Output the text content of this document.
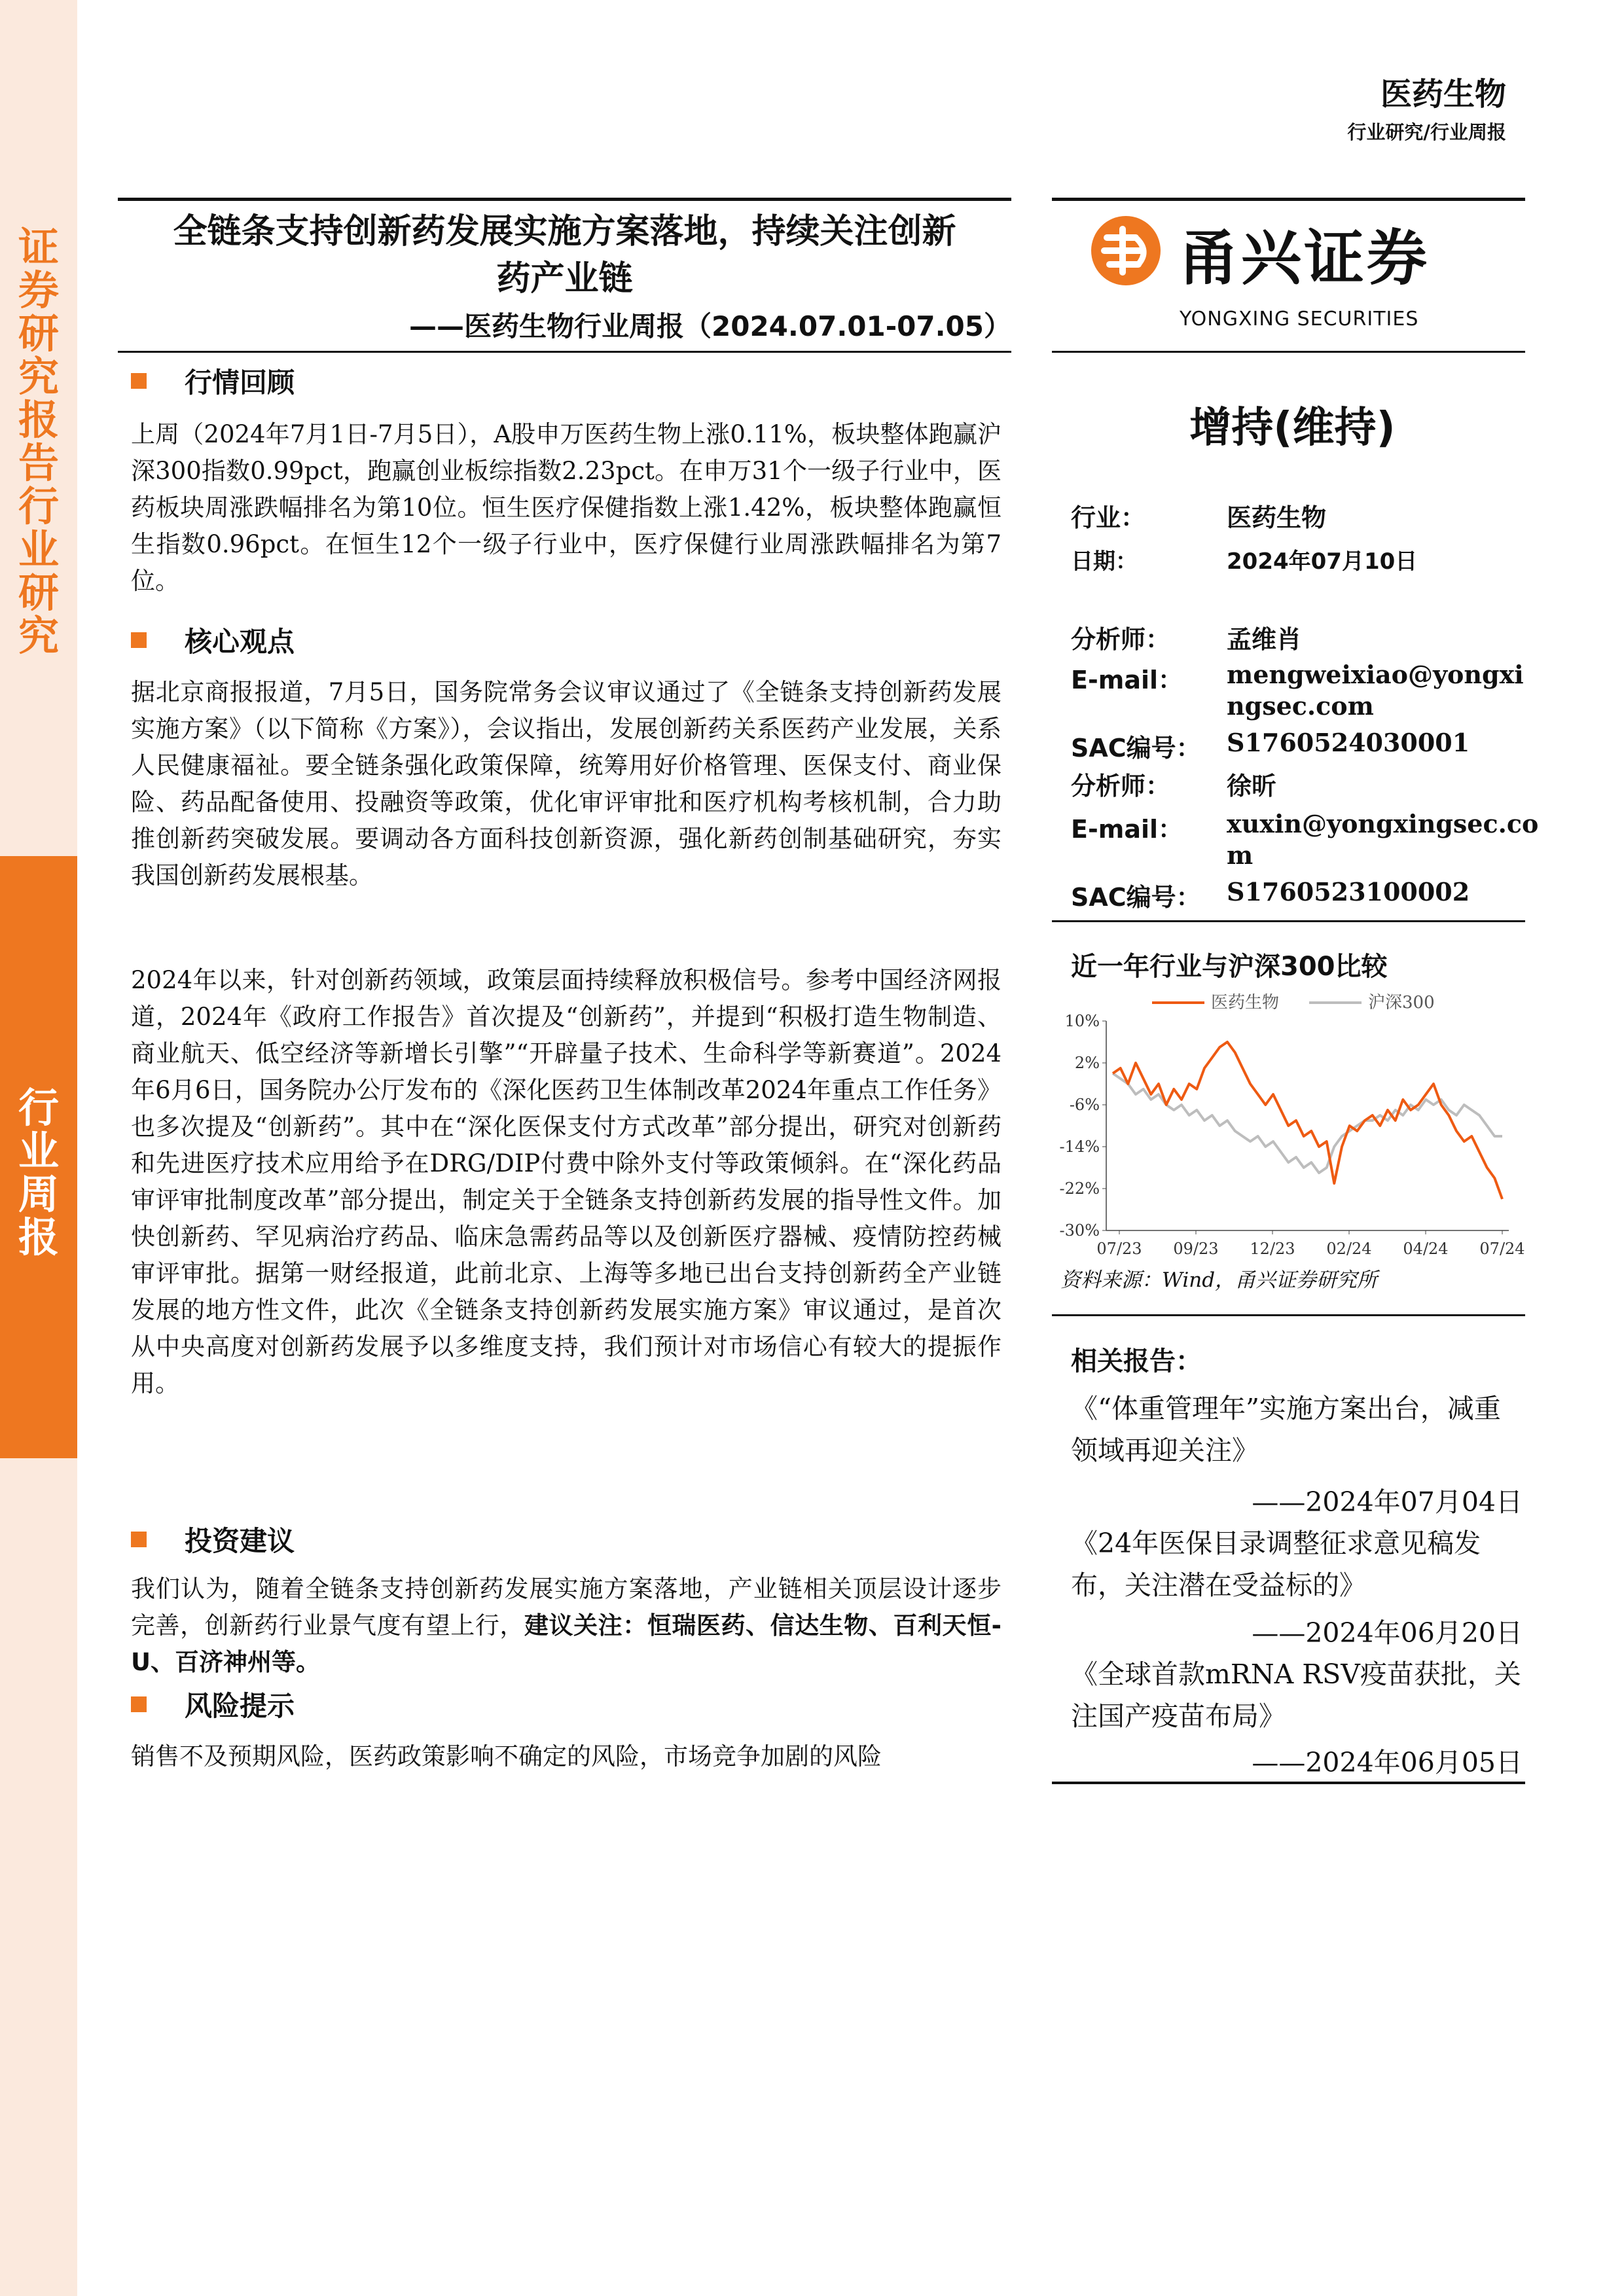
证券研究报告 行业研究
行业周报
医药生物
行业研究/行业周报
全链条支持创新药发展实施方案落地，持续关注创新
药产业链
——医药生物行业周报（2024.07.01-07.05）
行情回顾
上周（2024年7月1日-7月5日），A股申万医药生物上涨0.11%，板块整体跑赢沪深300指数0.99pct，跑赢创业板综指数2.23pct。在申万31个一级子行业中，医药板块周涨跌幅排名为第10位。恒生医疗保健指数上涨1.42%，板块整体跑赢恒生指数0.96pct。在恒生12个一级子行业中，医疗保健行业周涨跌幅排名为第7位。
核心观点
据北京商报报道，7月5日，国务院常务会议审议通过了《全链条支持创新药发展实施方案》（以下简称《方案》），会议指出，发展创新药关系医药产业发展，关系人民健康福祉。要全链条强化政策保障，统筹用好价格管理、医保支付、商业保险、药品配备使用、投融资等政策，优化审评审批和医疗机构考核机制，合力助推创新药突破发展。要调动各方面科技创新资源，强化新药创制基础研究，夯实我国创新药发展根基。
2024年以来，针对创新药领域，政策层面持续释放积极信号。参考中国经济网报道，2024年《政府工作报告》首次提及“创新药”，并提到“积极打造生物制造、商业航天、低空经济等新增长引擎”“开辟量子技术、生命科学等新赛道”。2024年6月6日，国务院办公厅发布的《深化医药卫生体制改革2024年重点工作任务》也多次提及“创新药”。其中在“深化医保支付方式改革”部分提出，研究对创新药和先进医疗技术应用给予在DRG/DIP付费中除外支付等政策倾斜。在“深化药品审评审批制度改革”部分提出，制定关于全链条支持创新药发展的指导性文件。加快创新药、罕见病治疗药品、临床急需药品等以及创新医疗器械、疫情防控药械审评审批。据第一财经报道，此前北京、上海等多地已出台支持创新药全产业链发展的地方性文件，此次《全链条支持创新药发展实施方案》审议通过，是首次从中央高度对创新药发展予以多维度支持，我们预计对市场信心有较大的提振作用。
投资建议
我们认为，随着全链条支持创新药发展实施方案落地，产业链相关顶层设计逐步完善，创新药行业景气度有望上行，建议关注：恒瑞医药、信达生物、百利天恒-U、百济神州等。
风险提示
销售不及预期风险，医药政策影响不确定的风险，市场竞争加剧的风险
甬兴证券
YONGXING SECURITIES
增持(维持)
行业：	医药生物
日期：	2024年07月10日
分析师： 孟维肖
E-mail： mengweixiao@yongxi
ngsec.com
SAC编号： S1760524030001
分析师： 徐昕
E-mail： xuxin@yongxingsec.co
m
SAC编号： S1760523100002
近一年行业与沪深300比较
10%
2%
-6%
-14%
-22%
-30%
07/23 09/23 12/23 02/24 04/24 07/24
医药生物	沪深300
资料来源：Wind，甬兴证券研究所
相关报告：
《“体重管理年”实施方案出台，减重领域再迎关注》
——2024年07月04日
《24年医保目录调整征求意见稿发布，关注潜在受益标的》
——2024年06月20日
《全球首款mRNA RSV疫苗获批，关注国产疫苗布局》
——2024年06月05日
